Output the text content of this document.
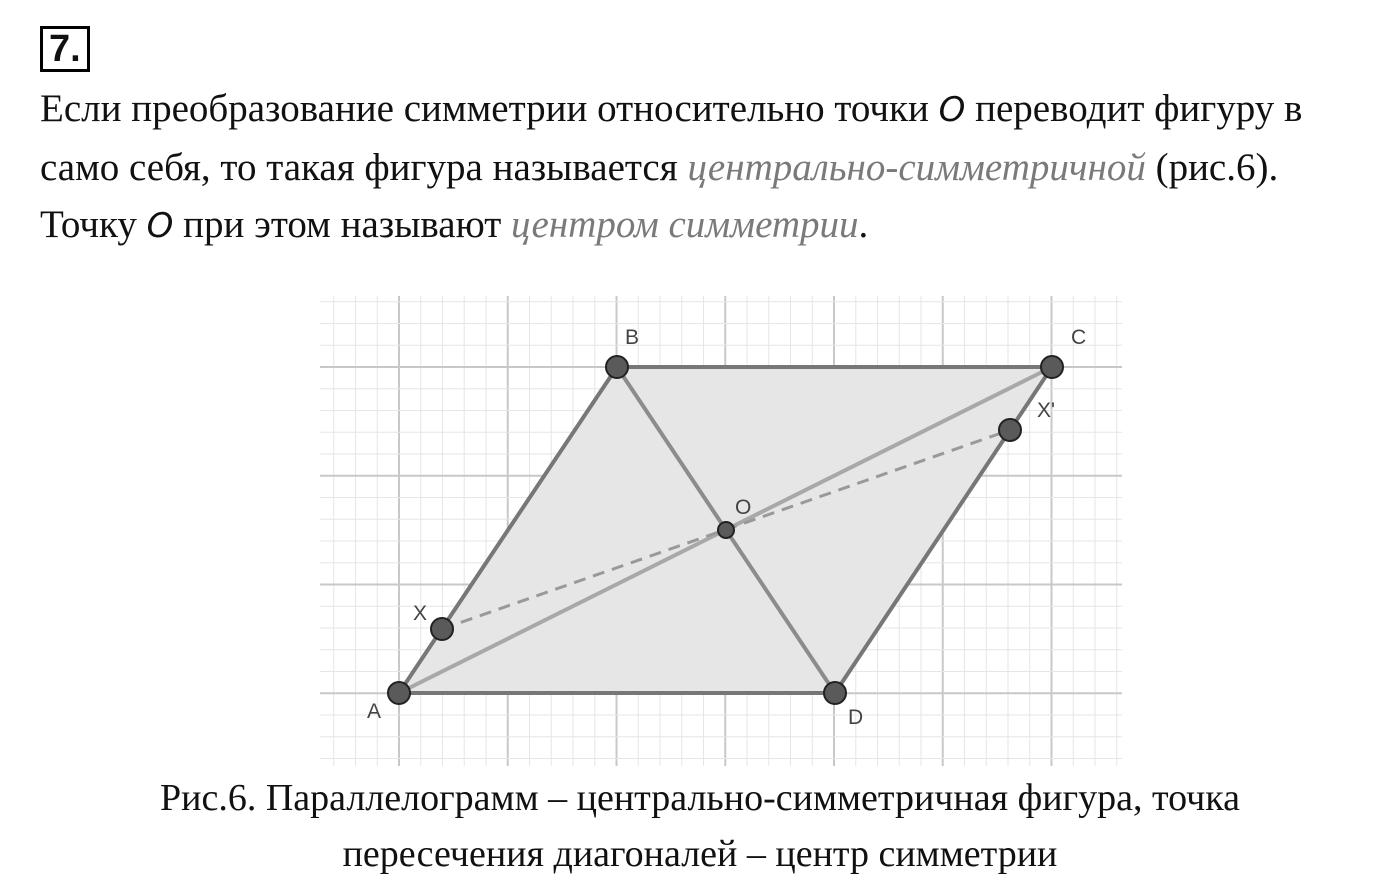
7.

Если преобразование симметрии относительно точки O переводит фигуру в само себя, то такая фигура называется центрально-симметричной (рис.6).
Точку O при этом называют центром симметрии.

A
B	C
D
O
X
X'
Рис.6. Параллелограмм – центрально-симметричная фигура, точка
пересечения диагоналей – центр симметрии
